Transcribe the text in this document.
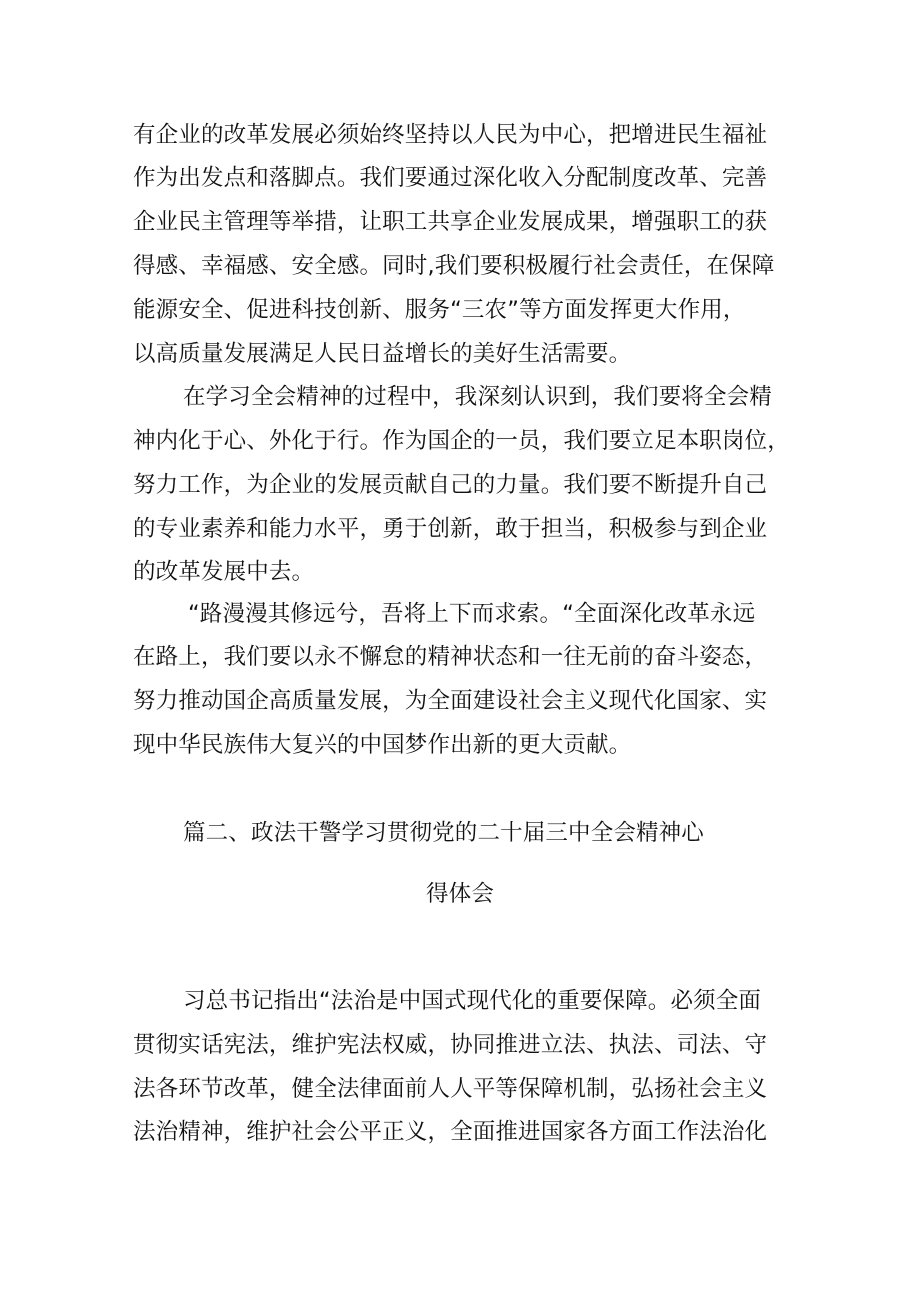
有企业的改革发展必须始终坚持以人民为中心，把增进民生福祉
作为出发点和落脚点。我们要通过深化收入分配制度改革、完善
企业民主管理等举措，让职工共享企业发展成果，增强职工的获
得感、幸福感、安全感。同时,我们要积极履行社会责任，在保障
能源安全、促进科技创新、服务“三农”等方面发挥更大作用，
以高质量发展满足人民日益增长的美好生活需要。
在学习全会精神的过程中，我深刻认识到，我们要将全会精
神内化于心、外化于行。作为国企的一员，我们要立足本职岗位，
努力工作，为企业的发展贡献自己的力量。我们要不断提升自己
的专业素养和能力水平，勇于创新，敢于担当，积极参与到企业
的改革发展中去。
“路漫漫其修远兮，吾将上下而求索。“全面深化改革永远
在路上，我们要以永不懈怠的精神状态和一往无前的奋斗姿态，
努力推动国企高质量发展，为全面建设社会主义现代化国家、实
现中华民族伟大复兴的中国梦作出新的更大贡献。
篇二、政法干警学习贯彻党的二十届三中全会精神心
得体会
习总书记指出“法治是中国式现代化的重要保障。必须全面
贯彻实话宪法，维护宪法权威，协同推进立法、执法、司法、守
法各环节改革，健全法律面前人人平等保障机制，弘扬社会主义
法治精神，维护社会公平正义，全面推进国家各方面工作法治化
